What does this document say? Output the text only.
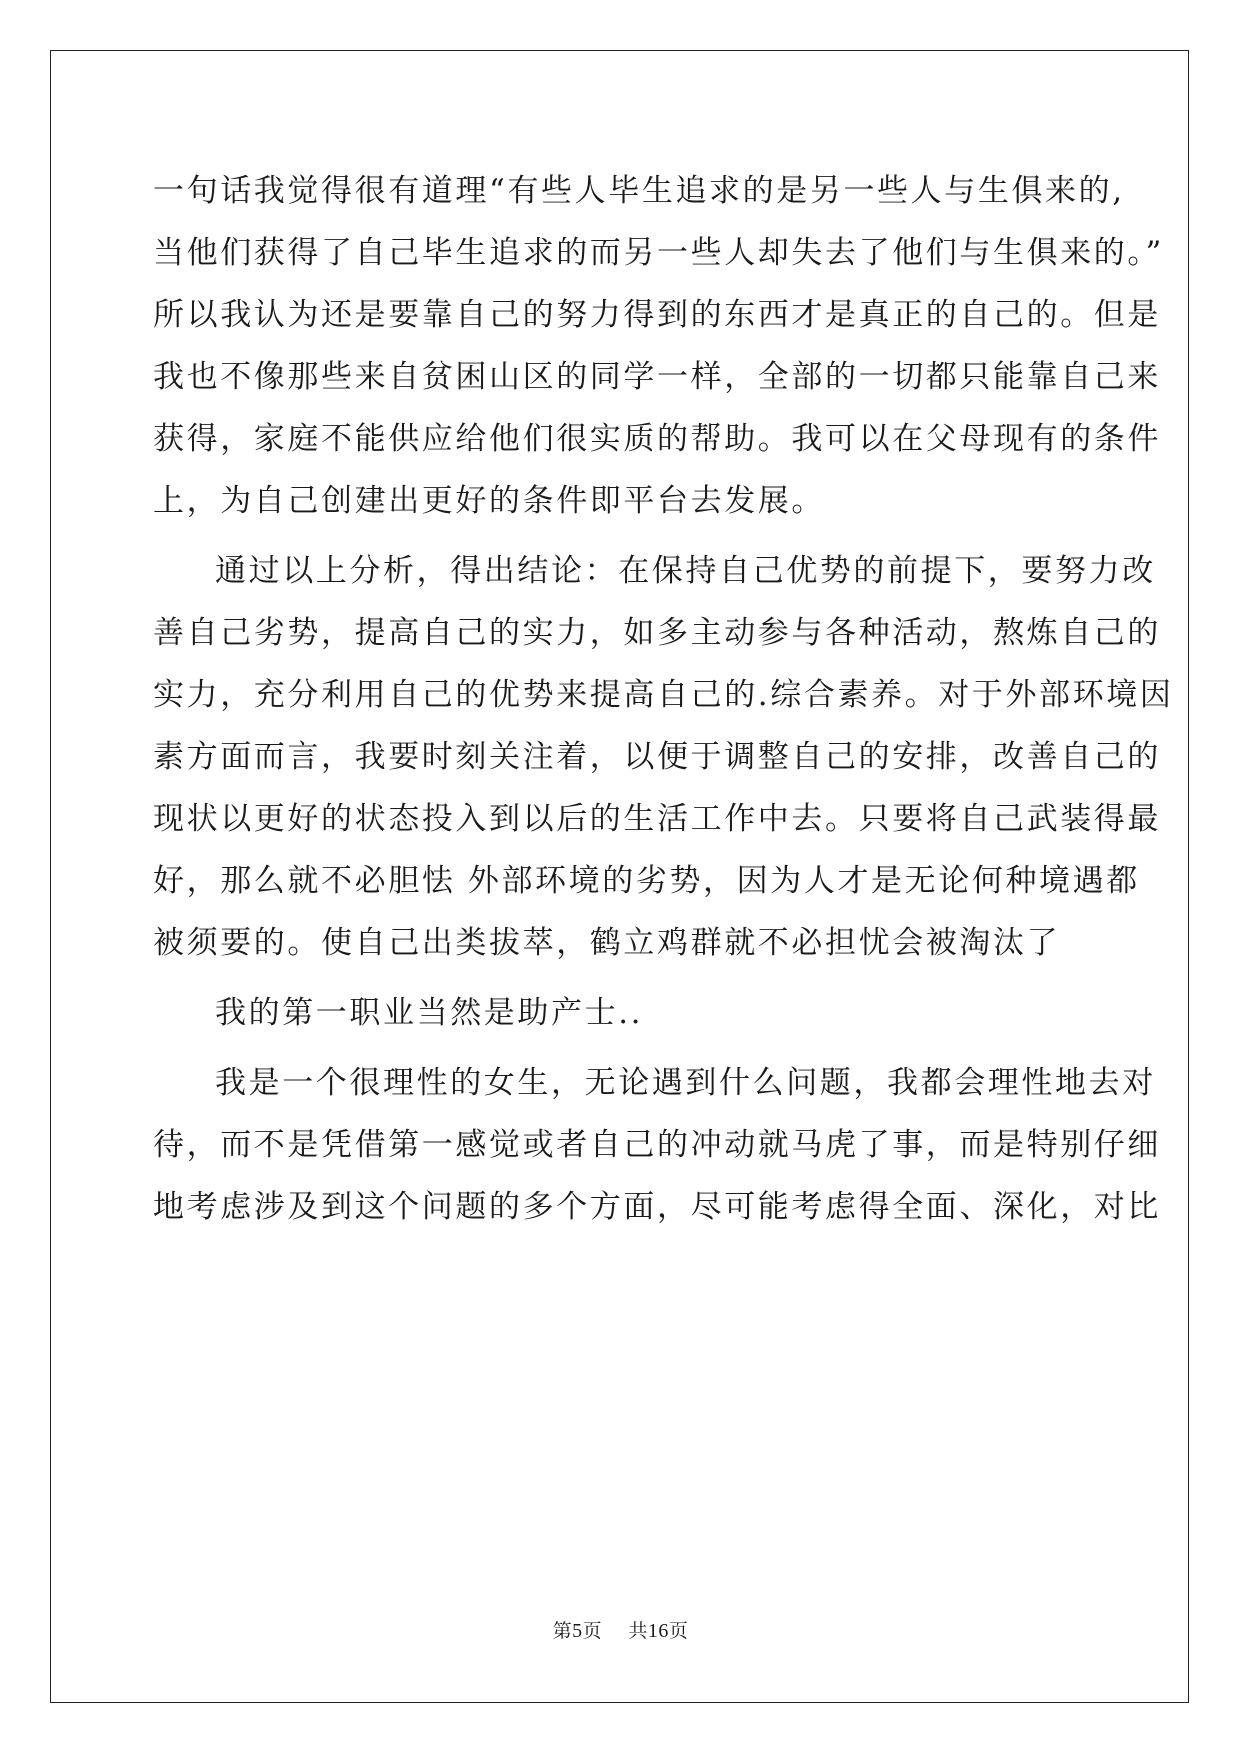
一句话我觉得很有道理“有些人毕生追求的是另一些人与生俱来的,
当他们获得了自己毕生追求的而另一些人却失去了他们与生俱来的。”
所以我认为还是要靠自己的努力得到的东西才是真正的自己的。但是
我也不像那些来自贫困山区的同学一样，全部的一切都只能靠自己来
获得，家庭不能供应给他们很实质的帮助。我可以在父母现有的条件
上，为自己创建出更好的条件即平台去发展。
通过以上分析，得出结论：在保持自己优势的前提下，要努力改
善自己劣势，提高自己的实力，如多主动参与各种活动，熬炼自己的
实力，充分利用自己的优势来提高自己的.综合素养。对于外部环境因
素方面而言，我要时刻关注着，以便于调整自己的安排，改善自己的
现状以更好的状态投入到以后的生活工作中去。只要将自己武装得最
好，那么就不必胆怯 外部环境的劣势，因为人才是无论何种境遇都
被须要的。使自己出类拔萃，鹤立鸡群就不必担忧会被淘汰了
我的第一职业当然是助产士..
我是一个很理性的女生，无论遇到什么问题，我都会理性地去对
待，而不是凭借第一感觉或者自己的冲动就马虎了事，而是特别仔细
地考虑涉及到这个问题的多个方面，尽可能考虑得全面、深化，对比
第5页 共16页
